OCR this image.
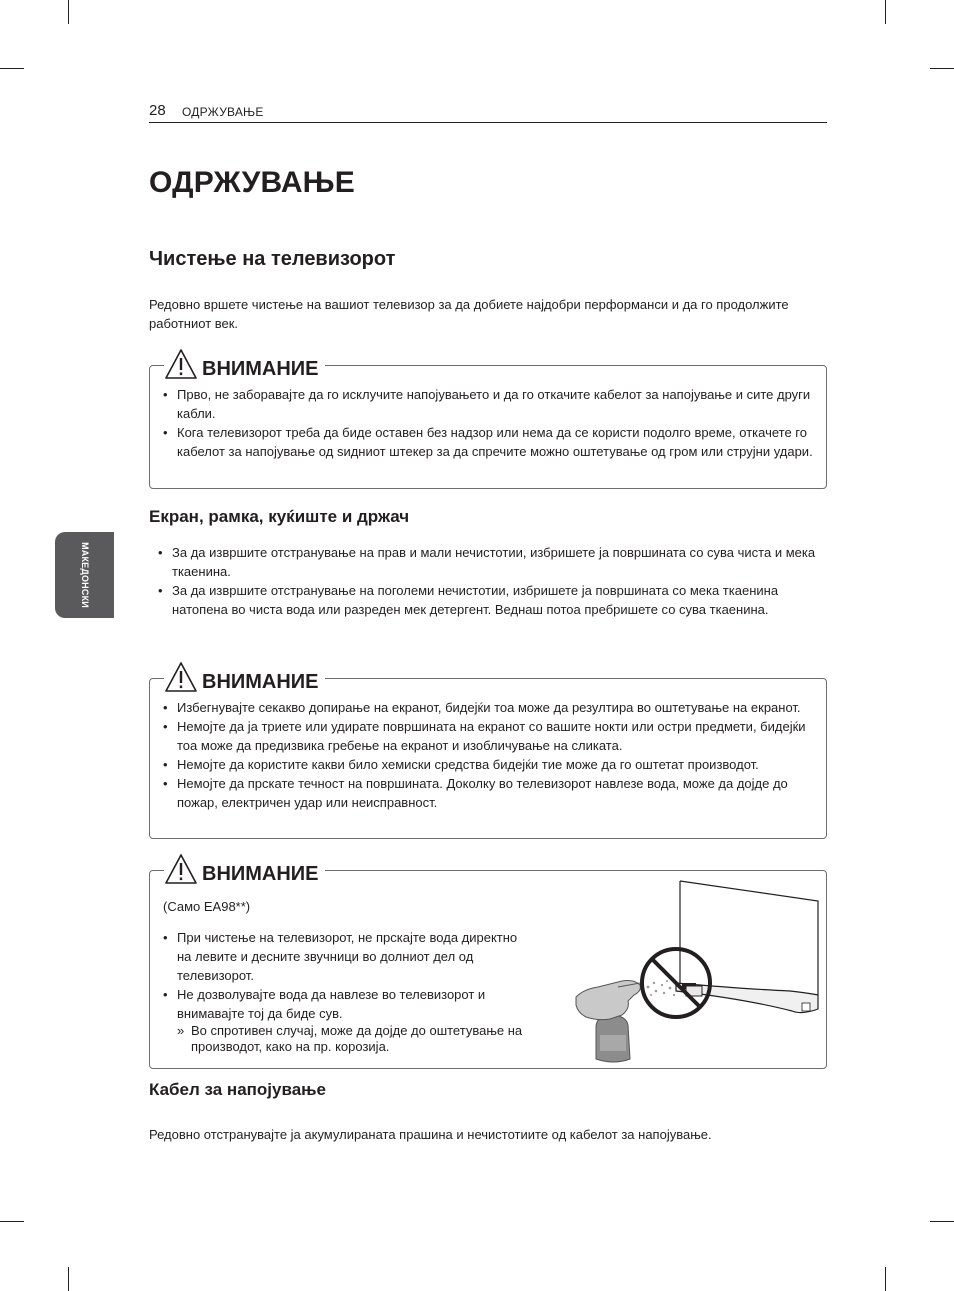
28 ОДРЖУВАЊЕ
МАКЕДОНСКИ
ОДРЖУВАЊЕ
Чистење на телевизорот

Редовно вршете чистење на вашиот телевизор за да добиете најдобри перформанси и да го продолжите работниот век.

ВНИМАНИЕ
• Прво, не заборавајте да го исклучите напојувањето и да го откачите кабелот за напојување и сите други кабли.
• Кога телевизорот треба да биде оставен без надзор или нема да се користи подолго време, откачете го кабелот за напојување од ѕидниот штекер за да спречите можно оштетување од гром или струјни удари.
Екран, рамка, куќиште и држач
• За да извршите отстранување на прав и мали нечистотии, избришете ја површината со сува чиста и мека ткаенина.
• За да извршите отстранување на поголеми нечистотии, избришете ја површината со мека ткаенина натопена во чиста вода или разреден мек детергент. Веднаш потоа пребришете со сува ткаенина.
ВНИМАНИЕ
• Избегнувајте секакво допирање на екранот, бидејќи тоа може да резултира во оштетување на екранот.
• Немојте да ја триете или удирате површината на екранот со вашите нокти или остри предмети, бидејќи тоа може да предизвика гребење на екранот и изобличување на сликата.
• Немојте да користите какви било хемиски средства бидејќи тие може да го оштетат производот.
• Немојте да прскате течност на површината. Доколку во телевизорот навлезе вода, може да дојде до пожар, електричен удар или неисправност.
ВНИМАНИЕ
(Само EA98**)
• При чистење на телевизорот, не прскајте вода директно на левите и десните звучници во долниот дел од телевизорот.
• Не дозволувајте вода да навлезе во телевизорот и внимавајте тој да биде сув.
» Во спротивен случај, може да дојде до оштетување на производот, како на пр. корозија.
Кабел за напојување

Редовно отстранувајте ја акумулираната прашина и нечистотиите од кабелот за напојување.
